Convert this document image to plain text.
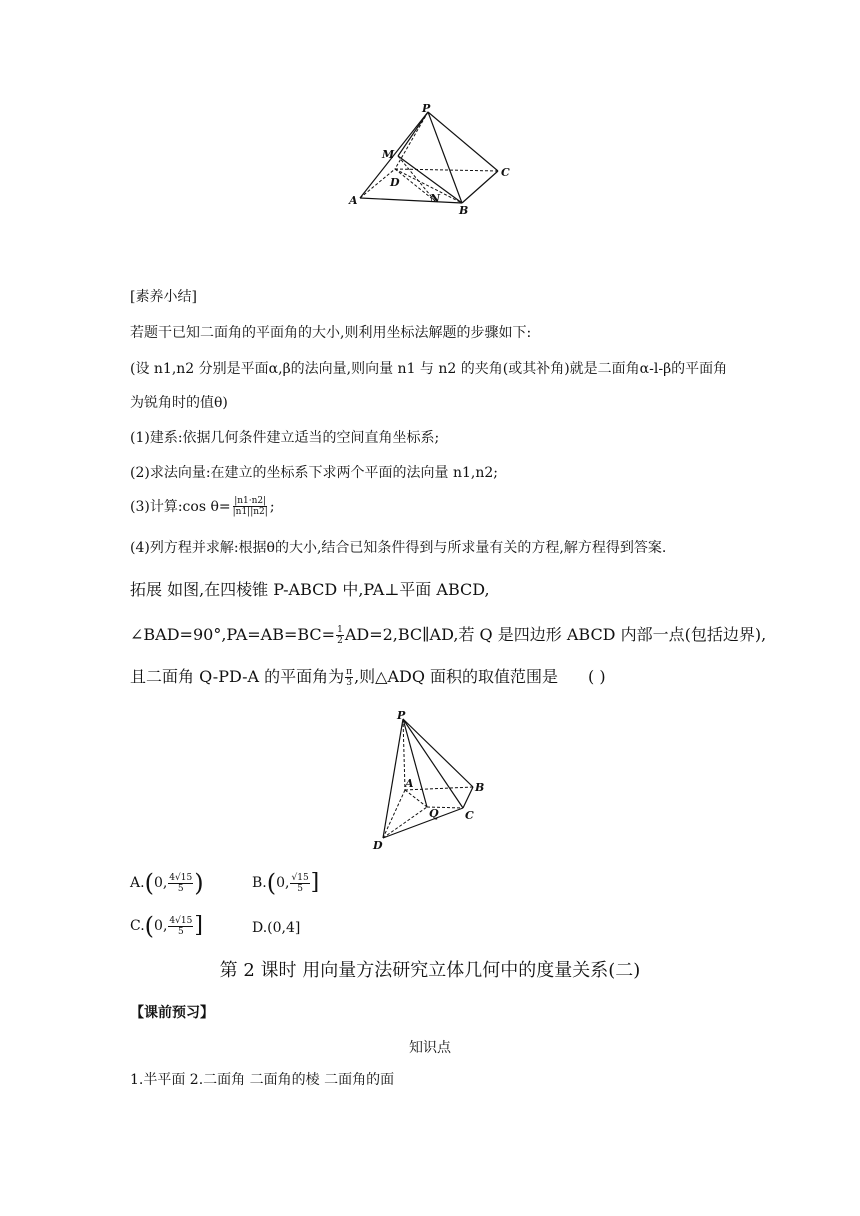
P
M
D
C
A	N
B
[素养小结]
若题干已知二面角的平面角的大小,则利用坐标法解题的步骤如下:
(设 n1,n2 分别是平面α,β的法向量,则向量 n1 与 n2 的夹角(或其补角)就是二面角α-l-β的平面角
为锐角时的值θ)
(1)建系:依据几何条件建立适当的空间直角坐标系;
(2)求法向量:在建立的坐标系下求两个平面的法向量 n1,n2;
(3)计算:cos $\theta= \frac{|n1\cdot n2|}{|n1||n2|}$ ;
(4)列方程并求解:根据θ的大小,结合已知条件得到与所求量有关的方程,解方程得到答案.
拓展 如图,在四棱锥 P-ABCD 中,PA⊥平面 ABCD,
∠BAD=90°,PA=AB=BC= $\frac{1}{2}$ AD=2,BC∥AD,若 Q 是四边形 ABCD 内部一点(包括边界),
且二面角 Q-PD-A 的平面角为 $\frac{\pi}{3}$ ,则△ADQ 面积的取值范围是 ( )
P
A	B
Q C
D
A. ( 0, $\frac{4√15}{5}$ )	B. ( 0, $\frac{√15}{5}$ ]
C. ( 0, $\frac{4√15}{5}$ ]	D.(0,4]
第 2 课时 用向量方法研究立体几何中的度量关系(二)
【课前预习】
知识点
1.半平面 2.二面角 二面角的棱 二面角的面
